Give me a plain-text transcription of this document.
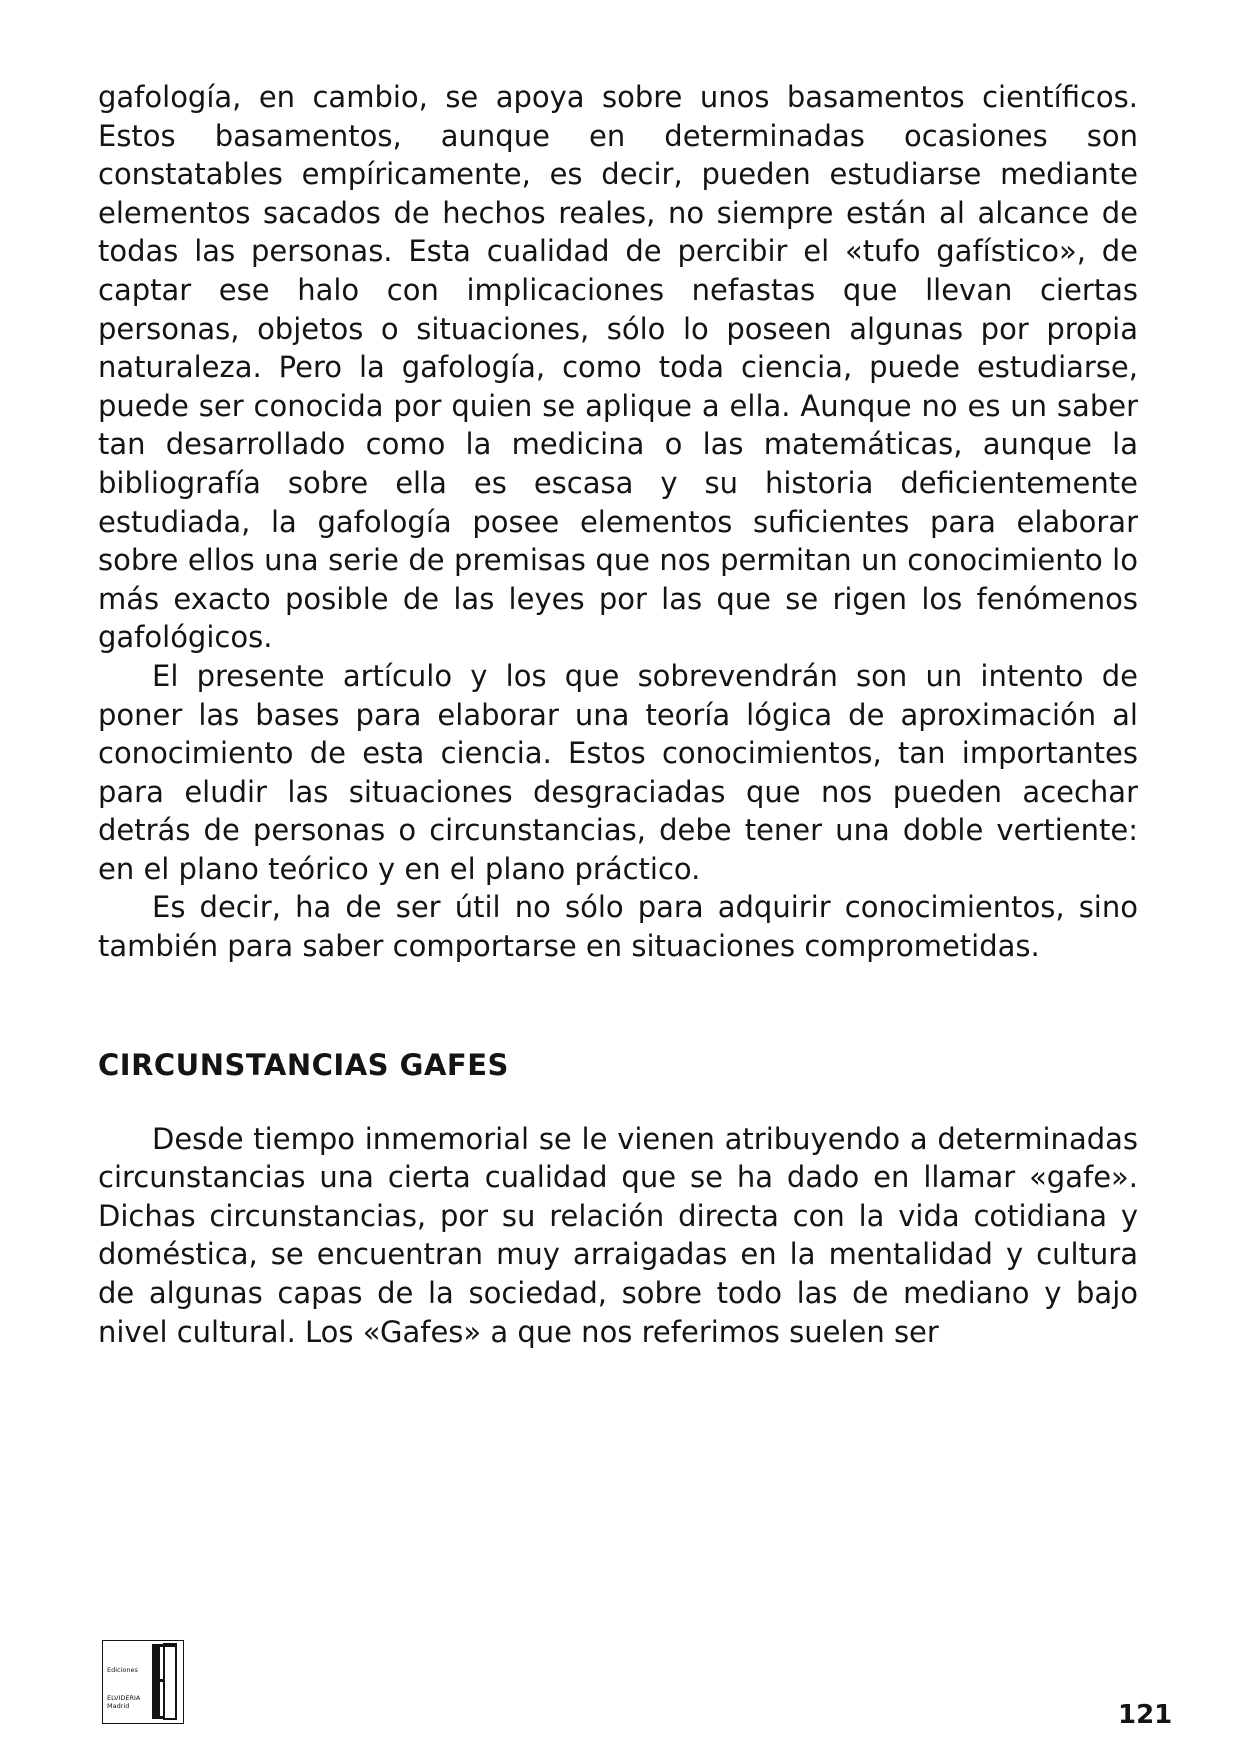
gafología, en cambio, se apoya sobre unos basamentos científicos. Estos basamentos, aunque en determinadas ocasiones son constatables empíricamente, es decir, pueden estudiarse mediante elementos sacados de hechos reales, no siempre están al alcance de todas las personas. Esta cualidad de percibir el «tufo gafístico», de captar ese halo con implicaciones nefastas que llevan ciertas personas, objetos o situaciones, sólo lo poseen algunas por propia naturaleza. Pero la gafología, como toda ciencia, puede estudiarse, puede ser conocida por quien se aplique a ella. Aunque no es un saber tan desarrollado como la medicina o las matemáticas, aunque la bibliografía sobre ella es escasa y su historia deficientemente estudiada, la gafología posee elementos suficientes para elaborar sobre ellos una serie de premisas que nos permitan un conocimiento lo más exacto posible de las leyes por las que se rigen los fenómenos gafológicos.

El presente artículo y los que sobrevendrán son un intento de poner las bases para elaborar una teoría lógica de aproximación al conocimiento de esta ciencia. Estos conocimientos, tan importantes para eludir las situaciones desgraciadas que nos pueden acechar detrás de personas o circunstancias, debe tener una doble vertiente: en el plano teórico y en el plano práctico.

Es decir, ha de ser útil no sólo para adquirir conocimientos, sino también para saber comportarse en situaciones comprometidas.

CIRCUNSTANCIAS GAFES

Desde tiempo inmemorial se le vienen atribuyendo a determinadas circunstancias una cierta cualidad que se ha dado en llamar «gafe». Dichas circunstancias, por su relación directa con la vida cotidiana y doméstica, se encuentran muy arraigadas en la mentalidad y cultura de algunas capas de la sociedad, sobre todo las de mediano y bajo nivel cultural. Los «Gafes» a que nos referimos suelen ser

Ediciones
ELVIDERIA Madrid	121
